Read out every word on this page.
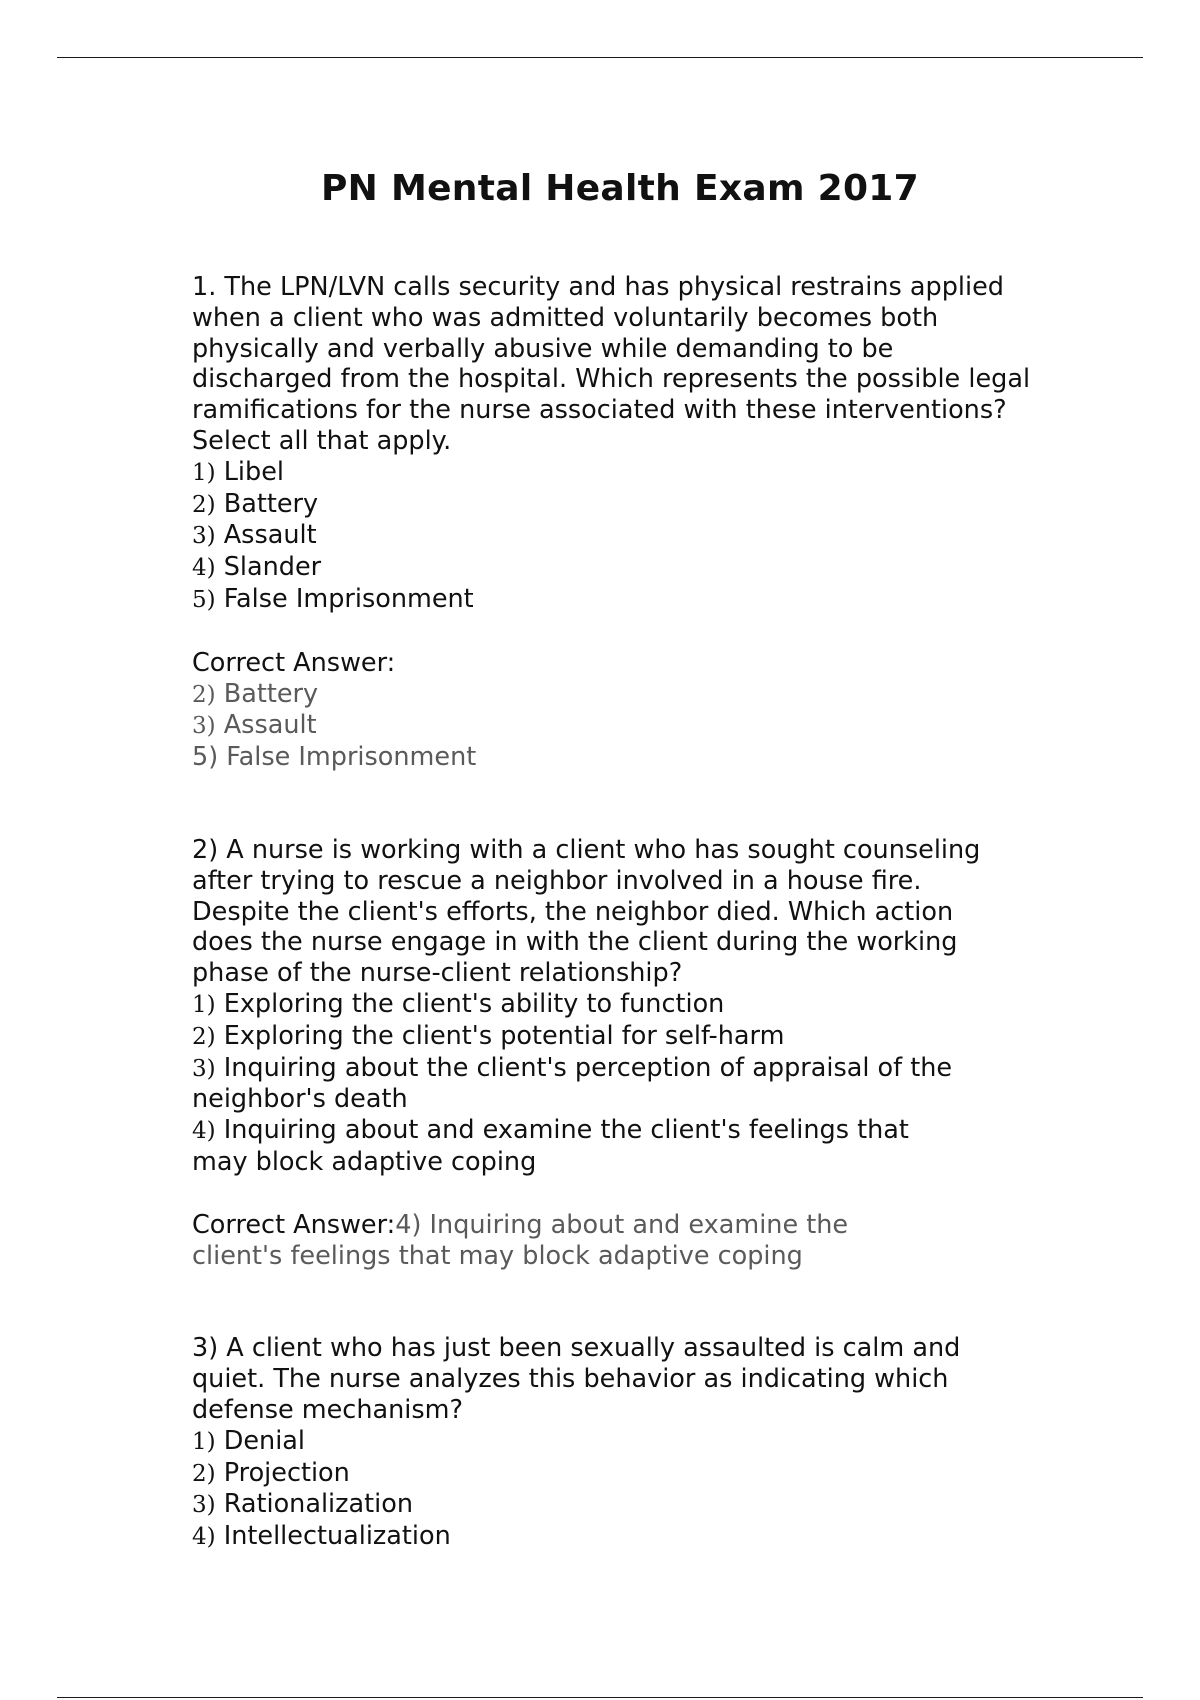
PN Mental Health Exam 2017

1. The LPN/LVN calls security and has physical restrains applied when a client who was admitted voluntarily becomes both physically and verbally abusive while demanding to be discharged from the hospital. Which represents the possible legal ramifications for the nurse associated with these interventions? Select all that apply.

1) Libel

2) Battery

3) Assault

4) Slander

5) False Imprisonment

Correct Answer:

2) Battery

3) Assault

5) False Imprisonment

2) A nurse is working with a client who has sought counseling after trying to rescue a neighbor involved in a house fire. Despite the client's efforts, the neighbor died. Which action does the nurse engage in with the client during the working phase of the nurse-client relationship?

1) Exploring the client's ability to function

2) Exploring the client's potential for self-harm

3) Inquiring about the client's perception of appraisal of the neighbor's death

4) Inquiring about and examine the client's feelings that may block adaptive coping

Correct Answer:4) Inquiring about and examine the client's feelings that may block adaptive coping

3) A client who has just been sexually assaulted is calm and quiet. The nurse analyzes this behavior as indicating which defense mechanism?

1) Denial

2) Projection

3) Rationalization

4) Intellectualization
